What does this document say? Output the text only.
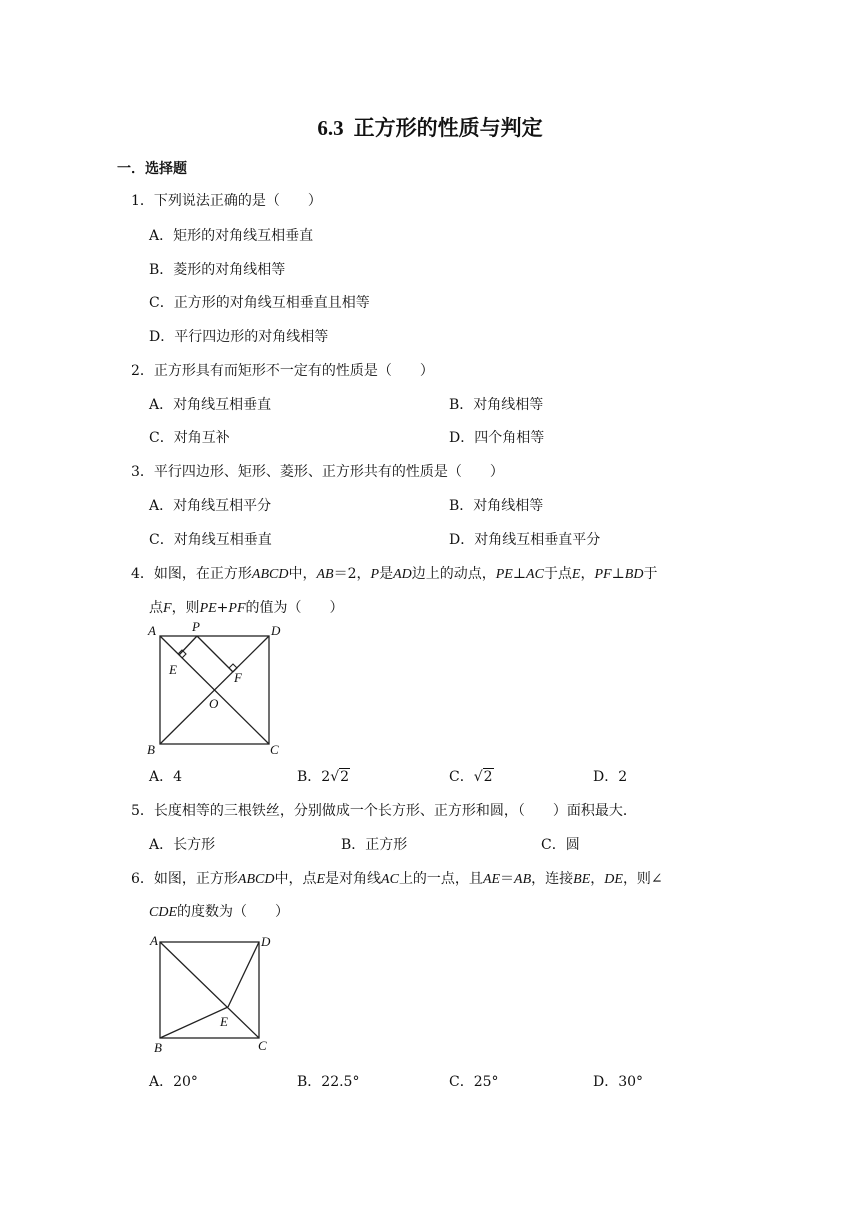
6.3 正方形的性质与判定
一．选择题
1．下列说法正确的是（　　）
A．矩形的对角线互相垂直
B．菱形的对角线相等
C．正方形的对角线互相垂直且相等
D．平行四边形的对角线相等
2．正方形具有而矩形不一定有的性质是（　　）
A．对角线互相垂直	B．对角线相等
C．对角互补	D．四个角相等
3．平行四边形、矩形、菱形、正方形共有的性质是（　　）
A．对角线互相平分	B．对角线相等
C．对角线互相垂直	D．对角线互相垂直平分
4．如图，在正方形ABCD中，AB＝2，P是AD边上的动点，PE⊥AC于点E，PF⊥BD于
点F，则PE+PF的值为（　　）
A	P	D
E
F
O
B	C
A．4	B．2√2	C．√2	D．2
5．长度相等的三根铁丝，分别做成一个长方形、正方形和圆，（　　）面积最大．
A．长方形	B．正方形	C．圆
6．如图，正方形ABCD中，点E是对角线AC上的一点，且AE＝AB，连接BE，DE，则∠
CDE的度数为（　　）
A	D
E
B	C
A．20°	B．22.5°	C．25°	D．30°
